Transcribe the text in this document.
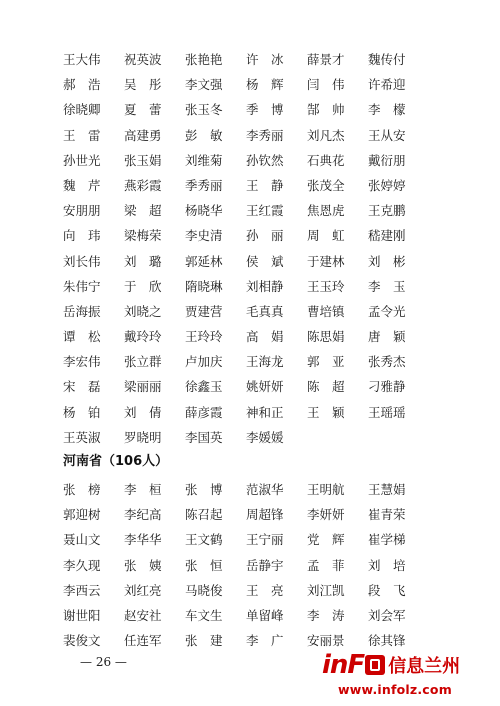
王大伟	祝英波	张艳艳	许　冰	薛景才	魏传付
郝　浩	吴　彤	李文强	杨　辉	闫　伟	许希迎
徐晓卿	夏　蕾	张玉冬	季　博	郜　帅	李　檬
王　雷	高建勇	彭　敏	李秀丽	刘凡杰	王从安
孙世光	张玉娟	刘维菊	孙钦然	石典花	戴衍朋
魏　芹	燕彩霞	季秀丽	王　静	张茂全	张婷婷
安朋朋	梁　超	杨晓华	王红霞	焦恩虎	王克鹏
向　玮	梁梅荣	李史清	孙　丽	周　虹	嵇建刚
刘长伟	刘　璐	郭延林	侯　斌	于建林	刘　彬
朱伟宁	于　欣	隋晓琳	刘相静	王玉玲	李　玉
岳海振	刘晓之	贾建营	毛真真	曹培镇	孟令光
谭　松	戴玲玲	王玲玲	高　娟	陈思娟	唐　颖
李宏伟	张立群	卢加庆	王海龙	郭　亚	张秀杰
宋　磊	梁丽丽	徐鑫玉	姚妍妍	陈　超	刁雅静
杨　铂	刘　倩	薛彦霞	神和正	王　颖	王瑶瑶
王英淑	罗晓明	李国英	李媛媛
河南省（106人）
张　榜	李　桓	张　博	范淑华	王明航	王慧娟
郭迎树	李纪高	陈召起	周超锋	李妍妍	崔青荣
聂山文	李华华	王文鹤	王宁丽	党　辉	崔学梯
李久现	张　姨	张　恒	岳静宇	孟　菲	刘　培
李西云	刘红亮	马晓俊	王　亮	刘江凯	段　飞
谢世阳	赵安社	车文生	单留峰	李　涛	刘会军
裴俊文	任连军	张　建	李　广	安丽景	徐其锋
— 26 —	inF 信息兰州
www.infolz.com
